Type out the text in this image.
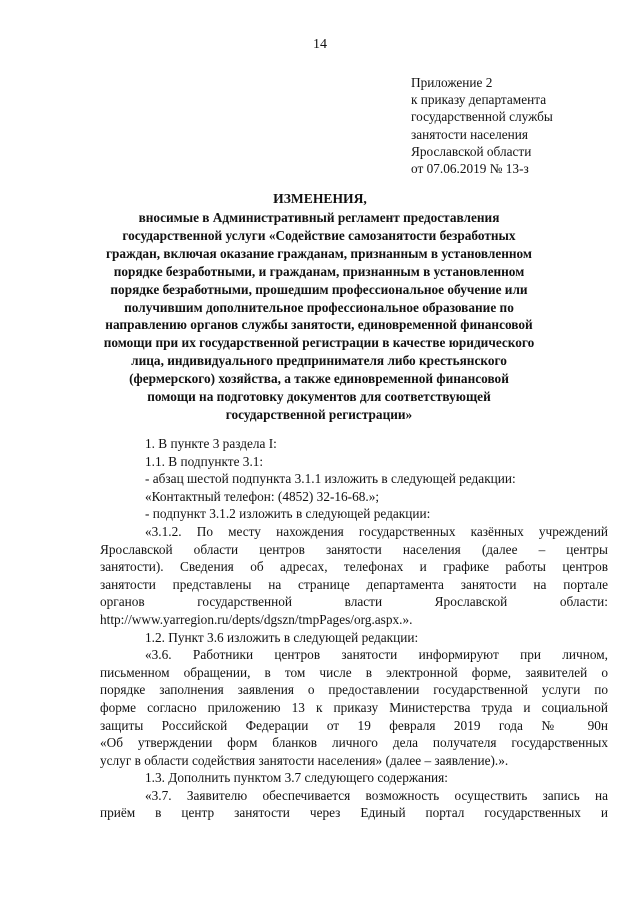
14
Приложение 2
к приказу департамента
государственной службы
занятости населения
Ярославской области
от 07.06.2019 № 13-з
ИЗМЕНЕНИЯ,
вносимые в Административный регламент предоставления
государственной услуги «Содействие самозанятости безработных
граждан, включая оказание гражданам, признанным в установленном
порядке безработными, и гражданам, признанным в установленном
порядке безработными, прошедшим профессиональное обучение или
получившим дополнительное профессиональное образование по
направлению органов службы занятости, единовременной финансовой
помощи при их государственной регистрации в качестве юридического
лица, индивидуального предпринимателя либо крестьянского
(фермерского) хозяйства, а также единовременной финансовой
помощи на подготовку документов для соответствующей
государственной регистрации»
1. В пункте 3 раздела I:
1.1. В подпункте 3.1:
- абзац шестой подпункта 3.1.1 изложить в следующей редакции:
«Контактный телефон: (4852) 32-16-68.»;
- подпункт 3.1.2 изложить в следующей редакции:
«3.1.2. По месту нахождения государственных казённых учреждений
Ярославской области центров занятости населения (далее – центры
занятости). Сведения об адресах, телефонах и графике работы центров
занятости представлены на странице департамента занятости на портале
органов государственной власти Ярославской области:
http://www.yarregion.ru/depts/dgszn/tmpPages/org.aspx.».
1.2. Пункт 3.6 изложить в следующей редакции:
«3.6. Работники центров занятости информируют при личном,
письменном обращении, в том числе в электронной форме, заявителей о
порядке заполнения заявления о предоставлении государственной услуги по
форме согласно приложению 13 к приказу Министерства труда и социальной
защиты Российской Федерации от 19 февраля 2019 года № 90н
«Об утверждении форм бланков личного дела получателя государственных
услуг в области содействия занятости населения» (далее – заявление).».
1.3. Дополнить пунктом 3.7 следующего содержания:
«3.7. Заявителю обеспечивается возможность осуществить запись на
приём в центр занятости через Единый портал государственных и
